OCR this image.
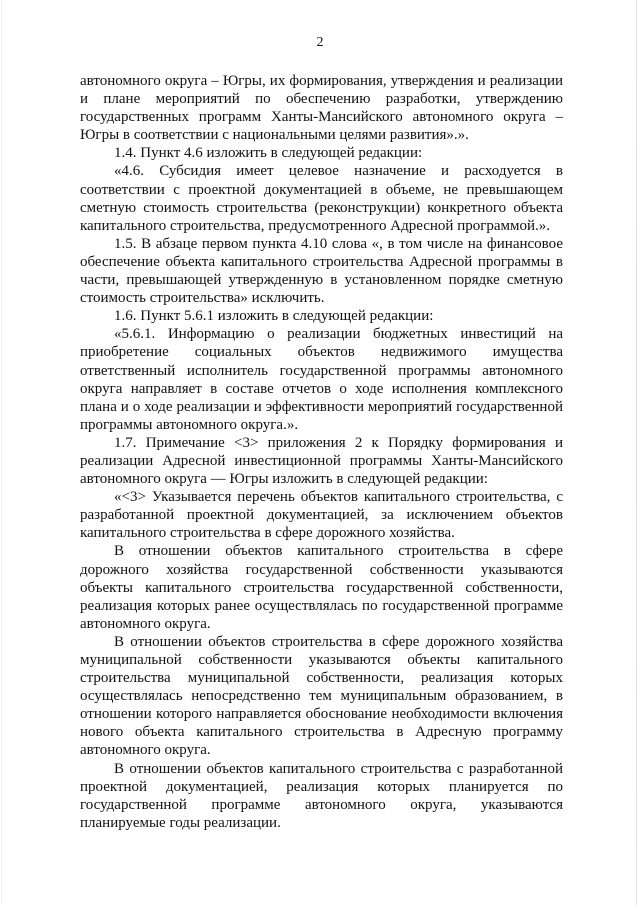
2

автономного округа – Югры, их формирования, утверждения и реализации и плане мероприятий по обеспечению разработки, утверждению государственных программ Ханты-Мансийского автономного округа – Югры в соответствии с национальными целями развития».».

1.4. Пункт 4.6 изложить в следующей редакции:

«4.6. Субсидия имеет целевое назначение и расходуется в соответствии с проектной документацией в объеме, не превышающем сметную стоимость строительства (реконструкции) конкретного объекта капитального строительства, предусмотренного Адресной программой.».

1.5. В абзаце первом пункта 4.10 слова «, в том числе на финансовое обеспечение объекта капитального строительства Адресной программы в части, превышающей утвержденную в установленном порядке сметную стоимость строительства» исключить.

1.6. Пункт 5.6.1 изложить в следующей редакции:

«5.6.1. Информацию о реализации бюджетных инвестиций на приобретение социальных объектов недвижимого имущества ответственный исполнитель государственной программы автономного округа направляет в составе отчетов о ходе исполнения комплексного плана и о ходе реализации и эффективности мероприятий государственной программы автономного округа.».

1.7. Примечание <3> приложения 2 к Порядку формирования и реализации Адресной инвестиционной программы Ханты-Мансийского автономного округа — Югры изложить в следующей редакции:

«<3> Указывается перечень объектов капитального строительства, с разработанной проектной документацией, за исключением объектов капитального строительства в сфере дорожного хозяйства.

В отношении объектов капитального строительства в сфере дорожного хозяйства государственной собственности указываются объекты капитального строительства государственной собственности, реализация которых ранее осуществлялась по государственной программе автономного округа.

В отношении объектов строительства в сфере дорожного хозяйства муниципальной собственности указываются объекты капитального строительства муниципальной собственности, реализация которых осуществлялась непосредственно тем муниципальным образованием, в отношении которого направляется обоснование необходимости включения нового объекта капитального строительства в Адресную программу автономного округа.

В отношении объектов капитального строительства с разработанной проектной документацией, реализация которых планируется по государственной программе автономного округа, указываются планируемые годы реализации.
